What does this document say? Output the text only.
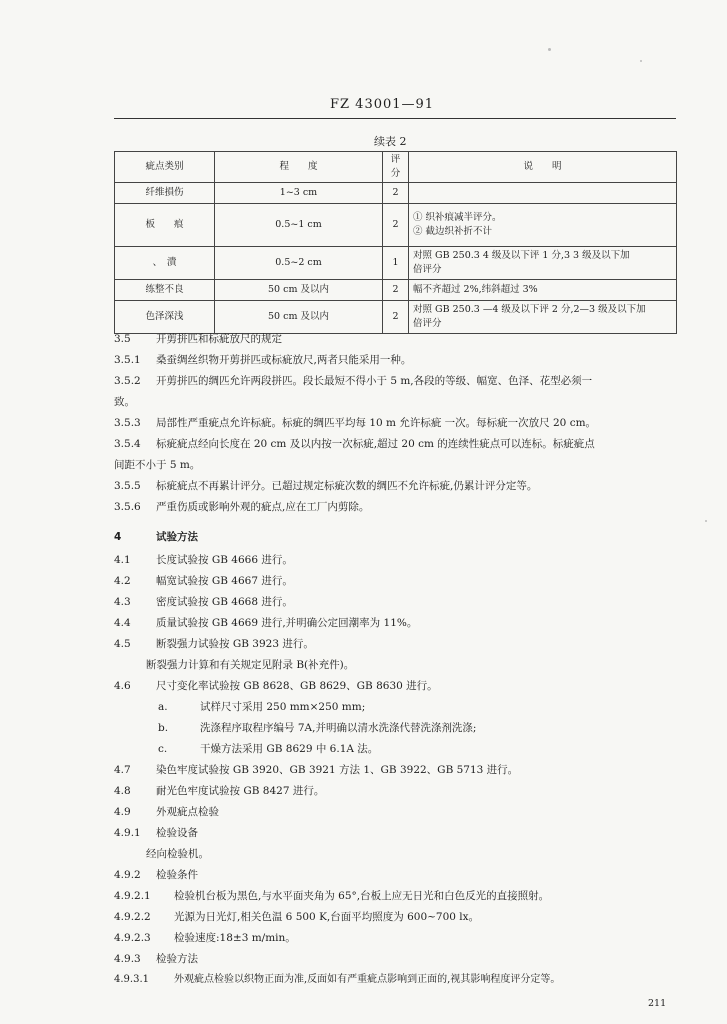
FZ 43001—91
续表 2
疵点类别	程　　度	评分	说　　明
纤维損伤	1~3 cm	2	
板　　痕	0.5~1 cm	2	① 织补痕减半评分。
② 截边织补折不计

、　潰	0.5~2 cm	1	对照 GB 250.3 4 级及以下评 1 分,3 3 级及以下加
倍评分

练整不良	50 cm 及以内	2	幅不齐超过 2%,纬斜超过 3%
色泽深浅	50 cm 及以内	2	对照 GB 250.3 —4 级及以下评 2 分,2—3 级及以下加
倍评分
3.5 开剪拼匹和标疵放尺的规定
3.5.1 桑蚕绸丝织物开剪拼匹或标疵放尺,两者只能采用一种。
3.5.2 开剪拼匹的绸匹允许两段拼匹。段长最短不得小于 5 m,各段的等级、幅宽、色泽、花型必须一
致。
3.5.3 局部性严重疵点允许标疵。标疵的绸匹平均每 10 m 允许标疵 一次。每标疵一次放尺 20 cm。
3.5.4 标疵疵点经向长度在 20 cm 及以内按一次标疵,超过 20 cm 的连续性疵点可以连标。标疵疵点
间距不小于 5 m。
3.5.5 标疵疵点不再累计评分。已超过规定标疵次数的绸匹不允许标疵,仍累计评分定等。
3.5.6 严重伤质或影响外观的疵点,应在工厂内剪除。
4	试验方法
4.1 长度试验按 GB 4666 进行。
4.2 幅宽试验按 GB 4667 进行。
4.3 密度试验按 GB 4668 进行。
4.4 质量试验按 GB 4669 进行,并明确公定回潮率为 11%。
4.5 断裂强力试验按 GB 3923 进行。
断裂强力计算和有关规定见附录 B(补充件)。
4.6 尺寸变化率试验按 GB 8628、GB 8629、GB 8630 进行。
a.	试样尺寸采用 250 mm×250 mm;
b.	洗涤程序取程序编号 7A,并明确以清水洗涤代替洗涤剂洗涤;
c.	干燥方法采用 GB 8629 中 6.1A 法。
4.7 染色牢度试验按 GB 3920、GB 3921 方法 1、GB 3922、GB 5713 进行。
4.8 耐光色牢度试验按 GB 8427 进行。
4.9 外观疵点检验
4.9.1 检验设备
经向检验机。
4.9.2 检验条件
4.9.2.1 检验机台板为黑色,与水平面夹角为 65°,台板上应无日光和白色反光的直接照射。
4.9.2.2 光源为日光灯,相关色温 6 500 K,台面平均照度为 600~700 lx。
4.9.2.3 检验速度:18±3 m/min。
4.9.3 检验方法
4.9.3.1	外观疵点检验以织物正面为准,反面如有严重疵点影响到正面的,视其影响程度评分定等。
211
